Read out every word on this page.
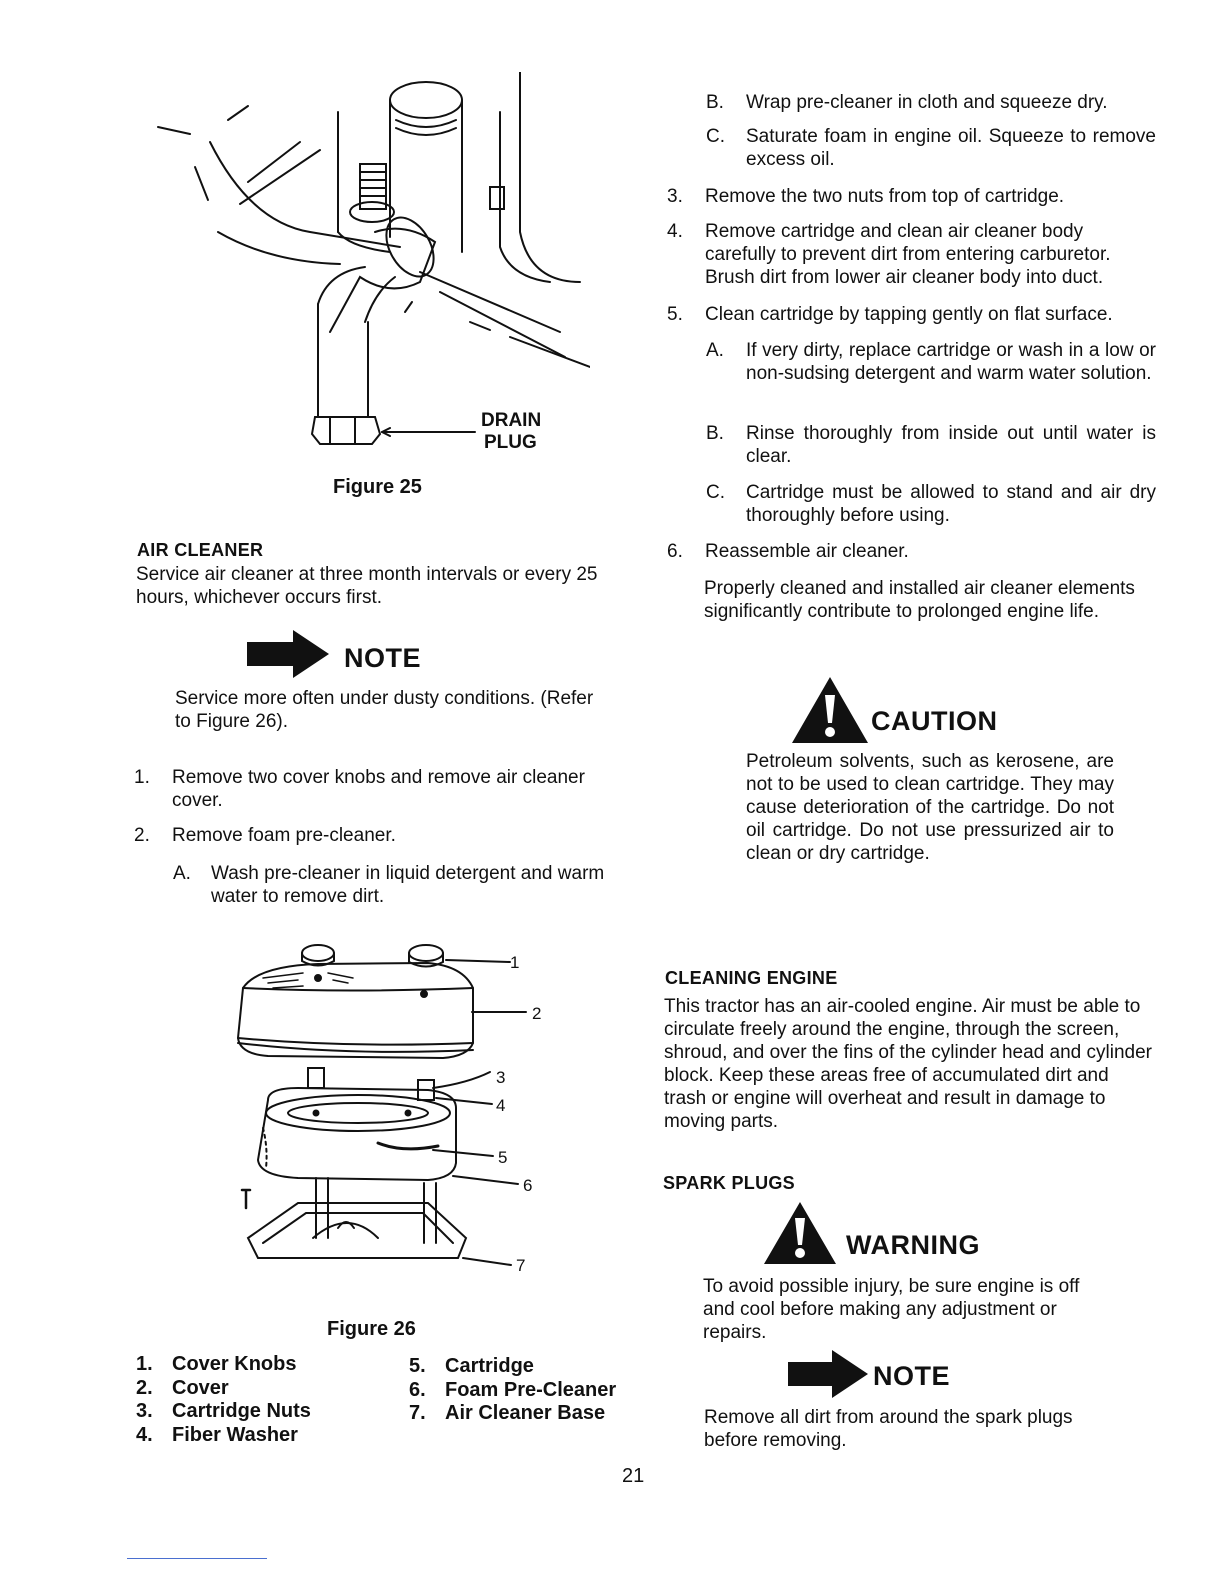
DRAIN
PLUG
Figure 25
AIR CLEANER

Service air cleaner at three month intervals or every 25 hours, whichever occurs first.

NOTE

Service more often under dusty conditions. (Refer to Figure 26).

1. Remove two cover knobs and remove air cleaner cover.
2. Remove foam pre-cleaner.
A. Wash pre-cleaner in liquid detergent and warm water to remove dirt.
1
2
3
4
5
6
7
Figure 26
1. Cover Knobs
2. Cover
3. Cartridge Nuts
4. Fiber Washer
5. Cartridge
6. Foam Pre-Cleaner
7. Air Cleaner Base
B. Wrap pre-cleaner in cloth and squeeze dry.
C. Saturate foam in engine oil. Squeeze to remove excess oil.
3. Remove the two nuts from top of cartridge.
4. Remove cartridge and clean air cleaner body carefully to prevent dirt from entering carburetor. Brush dirt from lower air cleaner body into duct.
5. Clean cartridge by tapping gently on flat surface.
A. If very dirty, replace cartridge or wash in a low or non-sudsing detergent and warm water solution.
B. Rinse thoroughly from inside out until water is clear.
C. Cartridge must be allowed to stand and air dry thoroughly before using.
6. Reassemble air cleaner.

Properly cleaned and installed air cleaner elements significantly contribute to prolonged engine life.

CAUTION

Petroleum solvents, such as kerosene, are not to be used to clean cartridge. They may cause deterioration of the cartridge. Do not oil cartridge. Do not use pressurized air to clean or dry cartridge.

CLEANING ENGINE

This tractor has an air-cooled engine. Air must be able to circulate freely around the engine, through the screen, shroud, and over the fins of the cylinder head and cylinder block. Keep these areas free of accumulated dirt and trash or engine will overheat and result in damage to moving parts.

SPARK PLUGS
WARNING

To avoid possible injury, be sure engine is off and cool before making any adjustment or repairs.

NOTE

Remove all dirt from around the spark plugs before removing.

21
